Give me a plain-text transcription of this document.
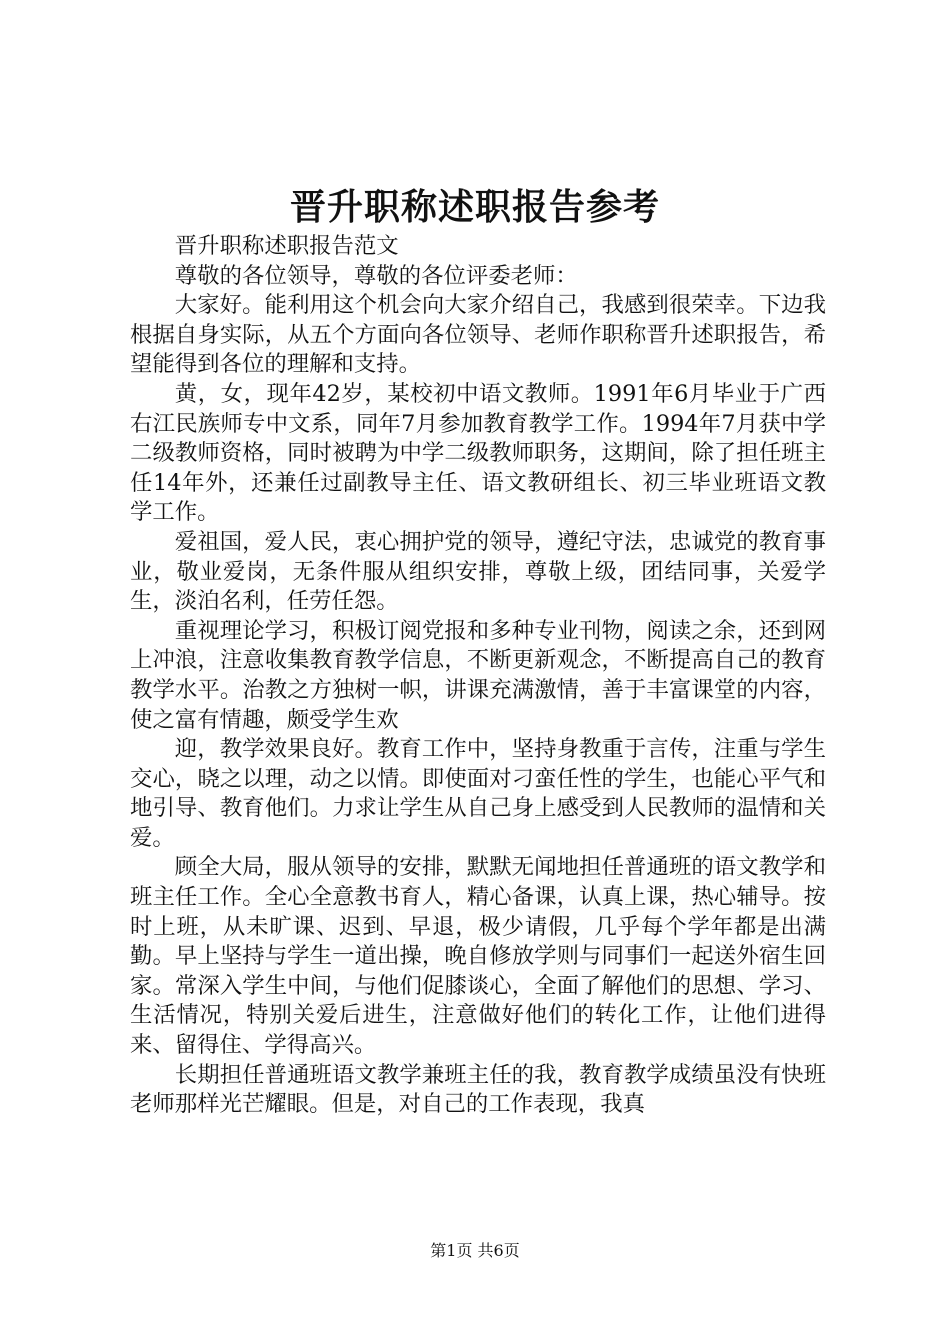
晋升职称述职报告参考

晋升职称述职报告范文

尊敬的各位领导，尊敬的各位评委老师：

大家好。能利用这个机会向大家介绍自己，我感到很荣幸。下边我根据自身实际，从五个方面向各位领导、老师作职称晋升述职报告，希望能得到各位的理解和支持。

黄，女，现年42岁，某校初中语文教师。1991年6月毕业于广西右江民族师专中文系，同年7月参加教育教学工作。1994年7月获中学二级教师资格，同时被聘为中学二级教师职务，这期间，除了担任班主任14年外，还兼任过副教导主任、语文教研组长、初三毕业班语文教学工作。

爱祖国，爱人民，衷心拥护党的领导，遵纪守法，忠诚党的教育事业，敬业爱岗，无条件服从组织安排，尊敬上级，团结同事，关爱学生，淡泊名利，任劳任怨。

重视理论学习，积极订阅党报和多种专业刊物，阅读之余，还到网上冲浪，注意收集教育教学信息，不断更新观念，不断提高自己的教育教学水平。治教之方独树一帜，讲课充满激情，善于丰富课堂的内容，使之富有情趣，颇受学生欢

迎，教学效果良好。教育工作中，坚持身教重于言传，注重与学生交心，晓之以理，动之以情。即使面对刁蛮任性的学生，也能心平气和地引导、教育他们。力求让学生从自己身上感受到人民教师的温情和关爱。

顾全大局，服从领导的安排，默默无闻地担任普通班的语文教学和班主任工作。全心全意教书育人，精心备课，认真上课，热心辅导。按时上班，从未旷课、迟到、早退，极少请假，几乎每个学年都是出满勤。早上坚持与学生一道出操，晚自修放学则与同事们一起送外宿生回家。常深入学生中间，与他们促膝谈心，全面了解他们的思想、学习、生活情况，特别关爱后进生，注意做好他们的转化工作，让他们进得来、留得住、学得高兴。

长期担任普通班语文教学兼班主任的我，教育教学成绩虽没有快班老师那样光芒耀眼。但是，对自己的工作表现，我真

第1页 共6页
